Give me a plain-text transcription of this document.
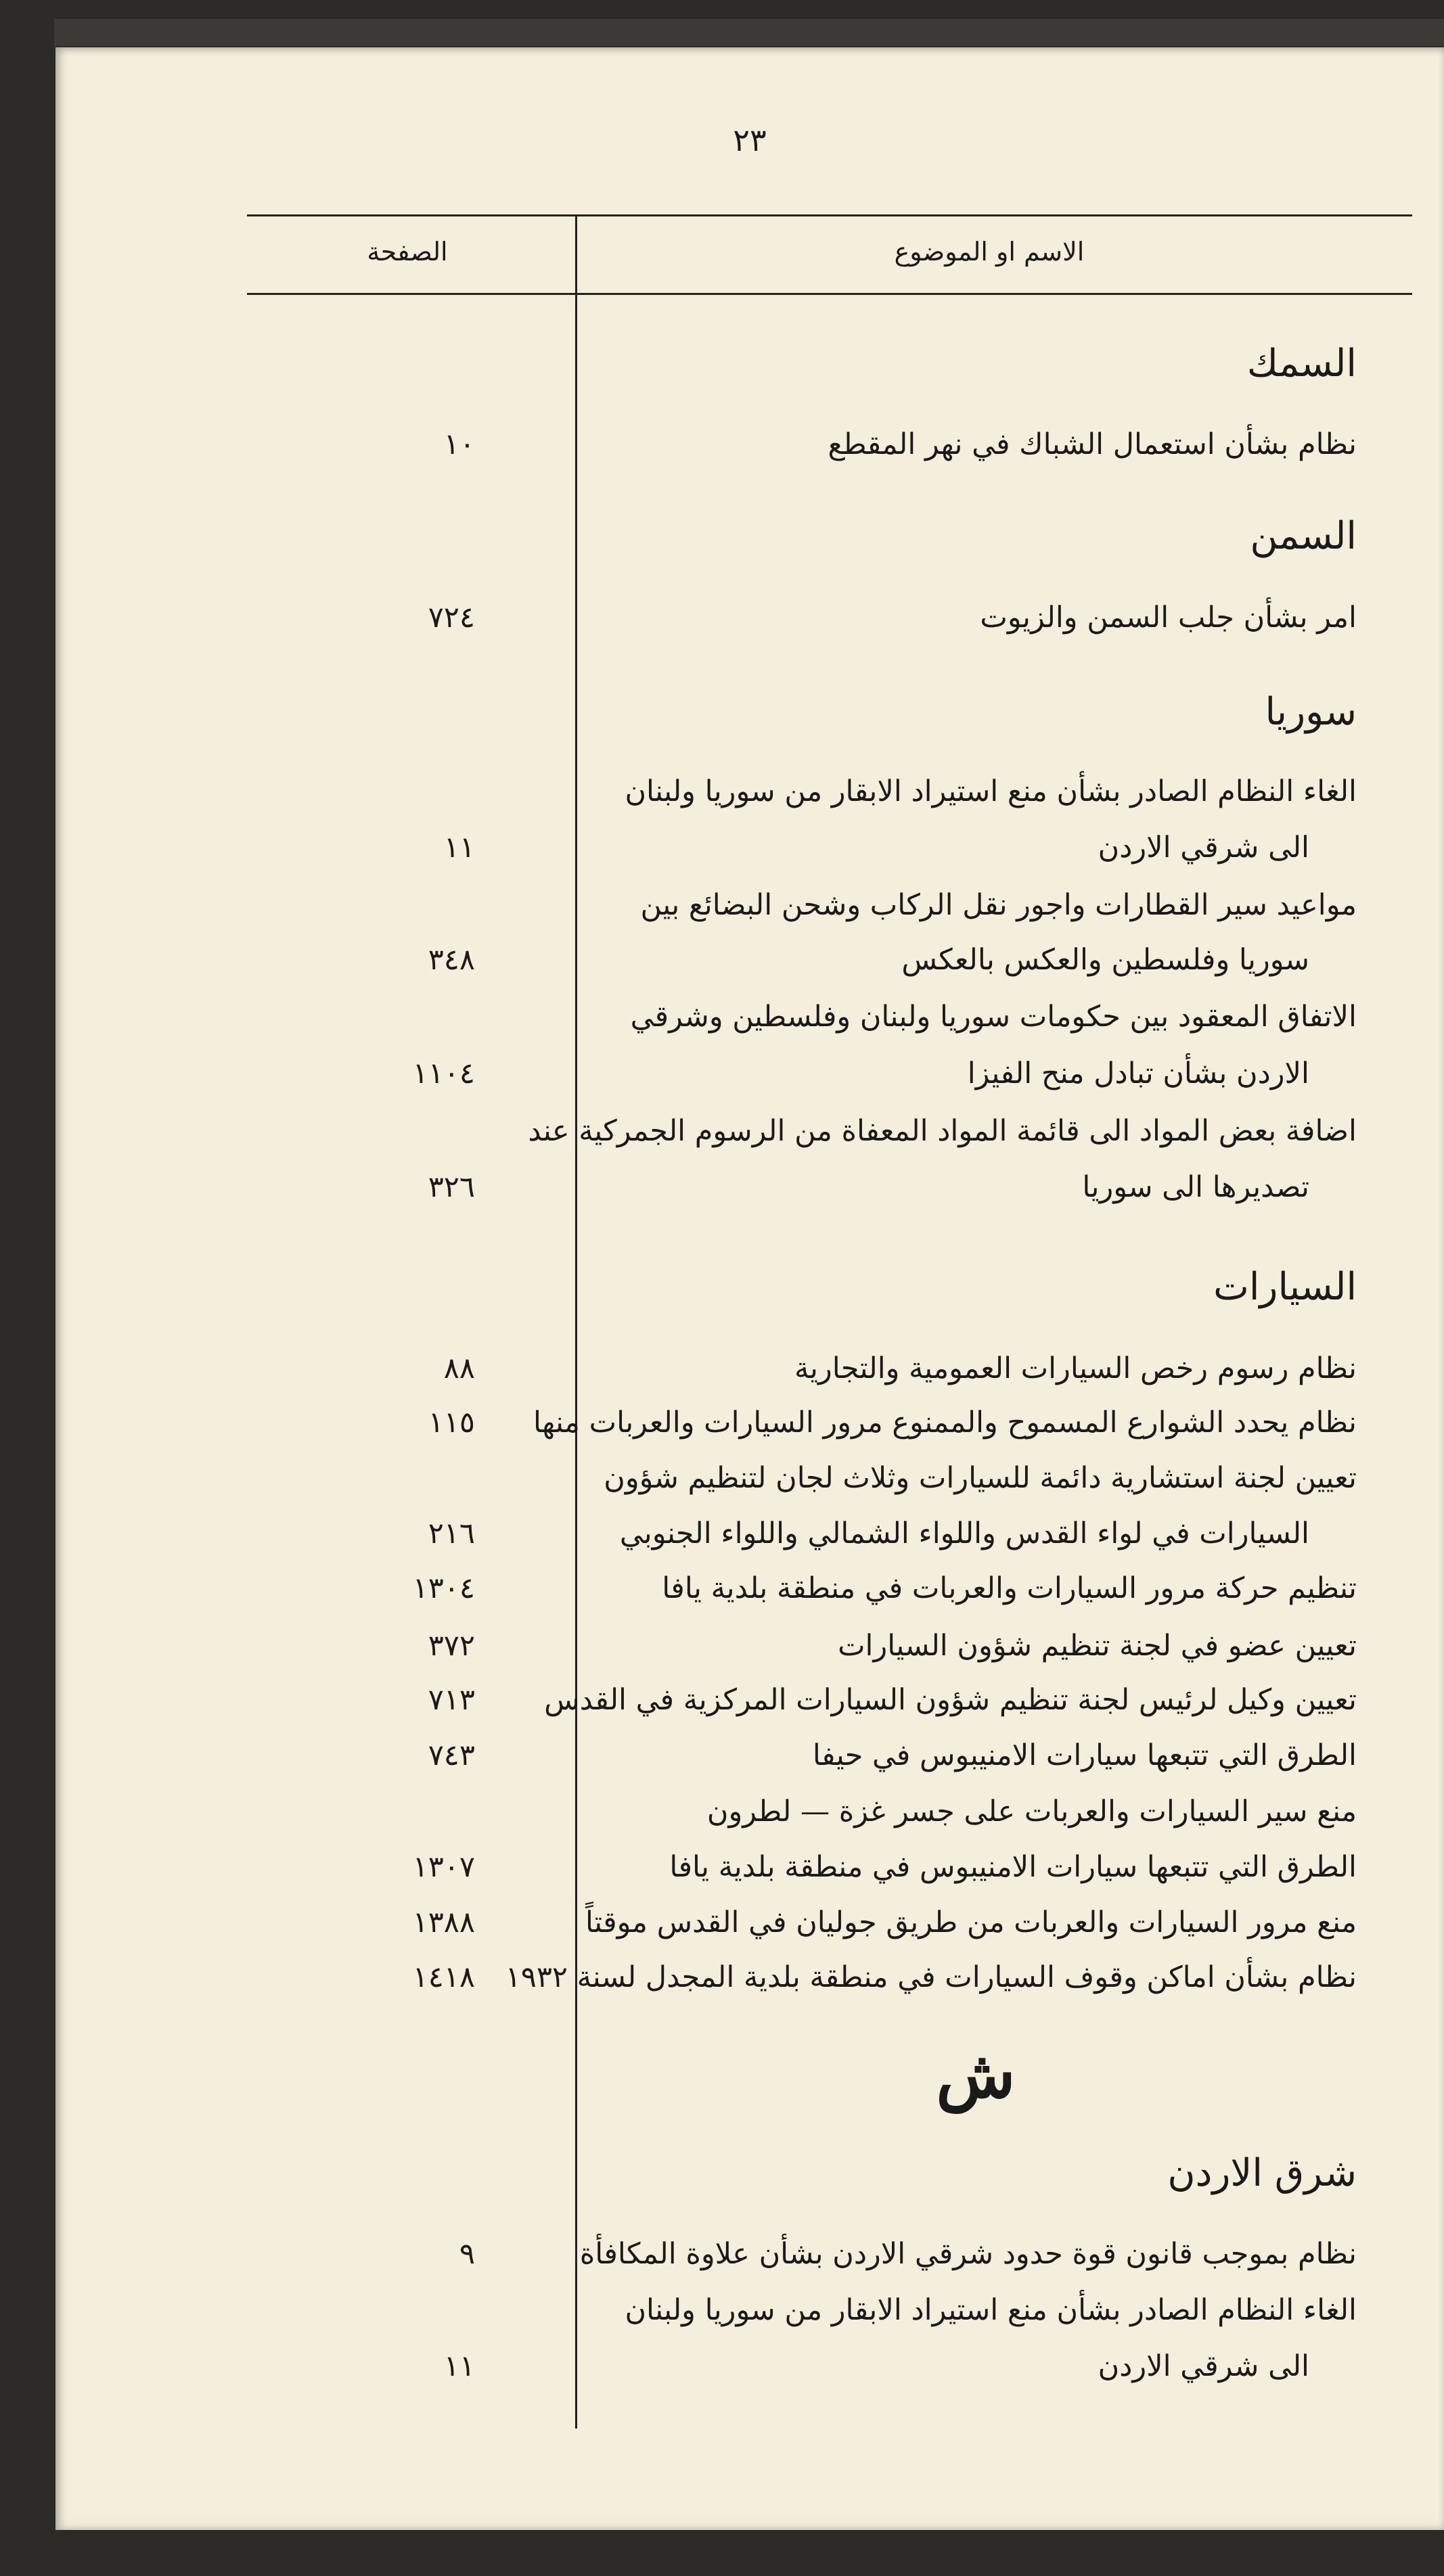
٢٣
الاسم او الموضوع
الصفحة
السمك
نظام بشأن استعمال الشباك في نهر المقطع
١٠
السمن
امر بشأن جلب السمن والزيوت
٧٢٤
سوريا
الغاء النظام الصادر بشأن منع استيراد الابقار من سوريا ولبنان
الى شرقي الاردن
١١
مواعيد سير القطارات واجور نقل الركاب وشحن البضائع بين
سوريا وفلسطين والعكس بالعكس
٣٤٨
الاتفاق المعقود بين حكومات سوريا ولبنان وفلسطين وشرقي
الاردن بشأن تبادل منح الفيزا
١١٠٤
اضافة بعض المواد الى قائمة المواد المعفاة من الرسوم الجمركية عند
تصديرها الى سوريا
٣٢٦
السيارات
نظام رسوم رخص السيارات العمومية والتجارية
٨٨
نظام يحدد الشوارع المسموح والممنوع مرور السيارات والعربات منها
١١٥
تعيين لجنة استشارية دائمة للسيارات وثلاث لجان لتنظيم شؤون
السيارات في لواء القدس واللواء الشمالي واللواء الجنوبي
٢١٦
تنظيم حركة مرور السيارات والعربات في منطقة بلدية يافا
١٣٠٤
تعيين عضو في لجنة تنظيم شؤون السيارات
٣٧٢
تعيين وكيل لرئيس لجنة تنظيم شؤون السيارات المركزية في القدس
٧١٣
الطرق التي تتبعها سيارات الامنيبوس في حيفا
٧٤٣
منع سير السيارات والعربات على جسر غزة — لطرون
الطرق التي تتبعها سيارات الامنيبوس في منطقة بلدية يافا
١٣٠٧
منع مرور السيارات والعربات من طريق جوليان في القدس موقتاً
١٣٨٨
نظام بشأن اماكن وقوف السيارات في منطقة بلدية المجدل لسنة ١٩٣٢
١٤١٨
ش
شرق الاردن
نظام بموجب قانون قوة حدود شرقي الاردن بشأن علاوة المكافأة
٩
الغاء النظام الصادر بشأن منع استيراد الابقار من سوريا ولبنان
الى شرقي الاردن
١١
